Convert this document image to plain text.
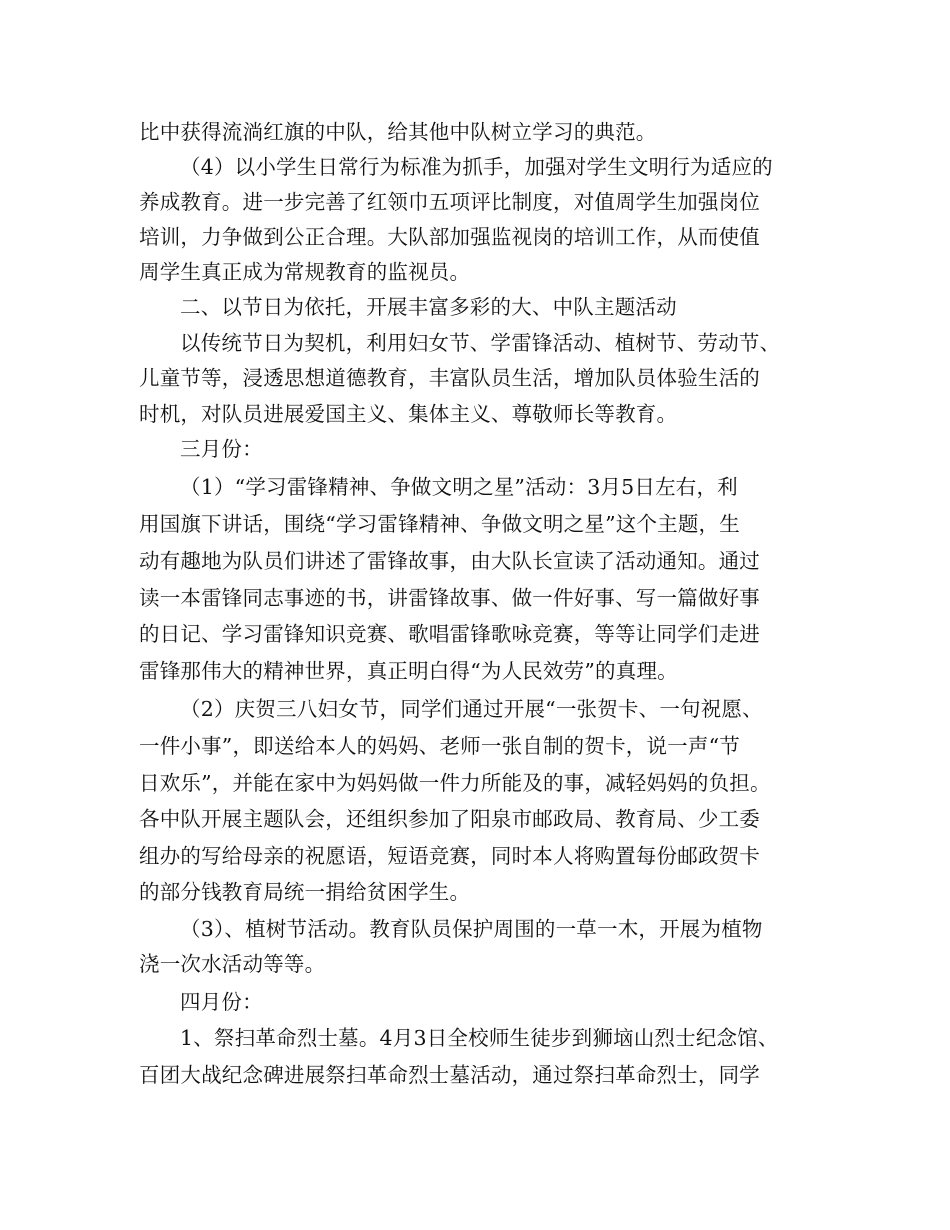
比中获得流淌红旗的中队，给其他中队树立学习的典范。
（4）以小学生日常行为标准为抓手，加强对学生文明行为适应的
养成教育。进一步完善了红领巾五项评比制度，对值周学生加强岗位
培训，力争做到公正合理。大队部加强监视岗的培训工作，从而使值
周学生真正成为常规教育的监视员。
二、以节日为依托，开展丰富多彩的大、中队主题活动
以传统节日为契机，利用妇女节、学雷锋活动、植树节、劳动节、
儿童节等，浸透思想道德教育，丰富队员生活，增加队员体验生活的
时机，对队员进展爱国主义、集体主义、尊敬师长等教育。
三月份：
（1）“学习雷锋精神、争做文明之星”活动：3月5日左右，利
用国旗下讲话，围绕“学习雷锋精神、争做文明之星”这个主题，生
动有趣地为队员们讲述了雷锋故事，由大队长宣读了活动通知。通过
读一本雷锋同志事迹的书，讲雷锋故事、做一件好事、写一篇做好事
的日记、学习雷锋知识竞赛、歌唱雷锋歌咏竞赛，等等让同学们走进
雷锋那伟大的精神世界，真正明白得“为人民效劳”的真理。
（2）庆贺三八妇女节，同学们通过开展“一张贺卡、一句祝愿、
一件小事”，即送给本人的妈妈、老师一张自制的贺卡，说一声“节
日欢乐”，并能在家中为妈妈做一件力所能及的事，减轻妈妈的负担。
各中队开展主题队会，还组织参加了阳泉市邮政局、教育局、少工委
组办的写给母亲的祝愿语，短语竞赛，同时本人将购置每份邮政贺卡
的部分钱教育局统一捐给贫困学生。
（3）、植树节活动。教育队员保护周围的一草一木，开展为植物
浇一次水活动等等。
四月份：
1、祭扫革命烈士墓。4月3日全校师生徒步到狮垴山烈士纪念馆、
百团大战纪念碑进展祭扫革命烈士墓活动，通过祭扫革命烈士，同学
